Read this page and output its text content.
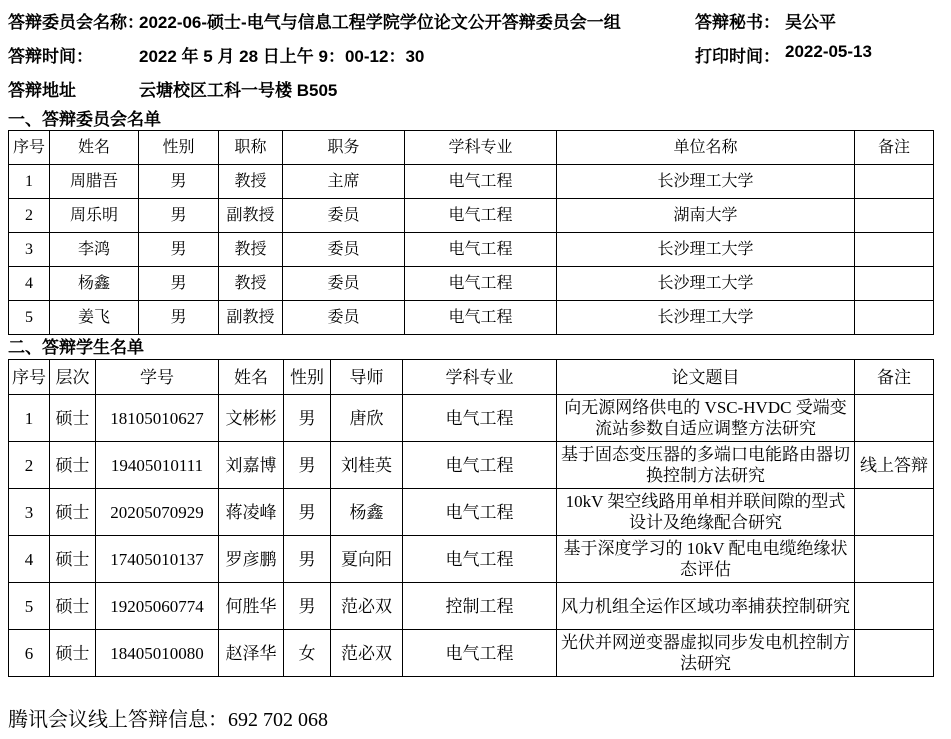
答辩委员会名称：
2022-06-硕士-电气与信息工程学院学位论文公开答辩委员会一组	答辩秘书： 吴公平
答辩时间：	2022 年 5 月 28 日上午 9：00-12：30	打印时间： 2022-05-13
答辩地址	云塘校区工科一号楼 B505
一、答辩委员会名单
序号	姓名	性别	职称	职务	学科专业	单位名称	备注
1	周腊吾	男	教授	主席	电气工程	长沙理工大学	
2	周乐明	男	副教授	委员	电气工程	湖南大学	
3	李鸿	男	教授	委员	电气工程	长沙理工大学	
4	杨鑫	男	教授	委员	电气工程	长沙理工大学	
5	姜飞	男	副教授	委员	电气工程	长沙理工大学	
二、答辩学生名单
序号	层次	学号	姓名	性别	导师	学科专业	论文题目	备注
1	硕士	18105010627	文彬彬	男	唐欣	电气工程	向无源网络供电的 VSC-HVDC 受端变流站参数自适应调整方法研究	
2	硕士	19405010111	刘嘉博	男	刘桂英	电气工程	基于固态变压器的多端口电能路由器切换控制方法研究	线上答辩
3	硕士	20205070929	蒋凌峰	男	杨鑫	电气工程	10kV 架空线路用单相并联间隙的型式设计及绝缘配合研究	
4	硕士	17405010137	罗彦鹏	男	夏向阳	电气工程	基于深度学习的 10kV 配电电缆绝缘状态评估	
5	硕士	19205060774	何胜华	男	范必双	控制工程	风力机组全运作区域功率捕获控制研究	
6	硕士	18405010080	赵泽华	女	范必双	电气工程	光伏并网逆变器虚拟同步发电机控制方法研究	
腾讯会议线上答辩信息：692 702 068
